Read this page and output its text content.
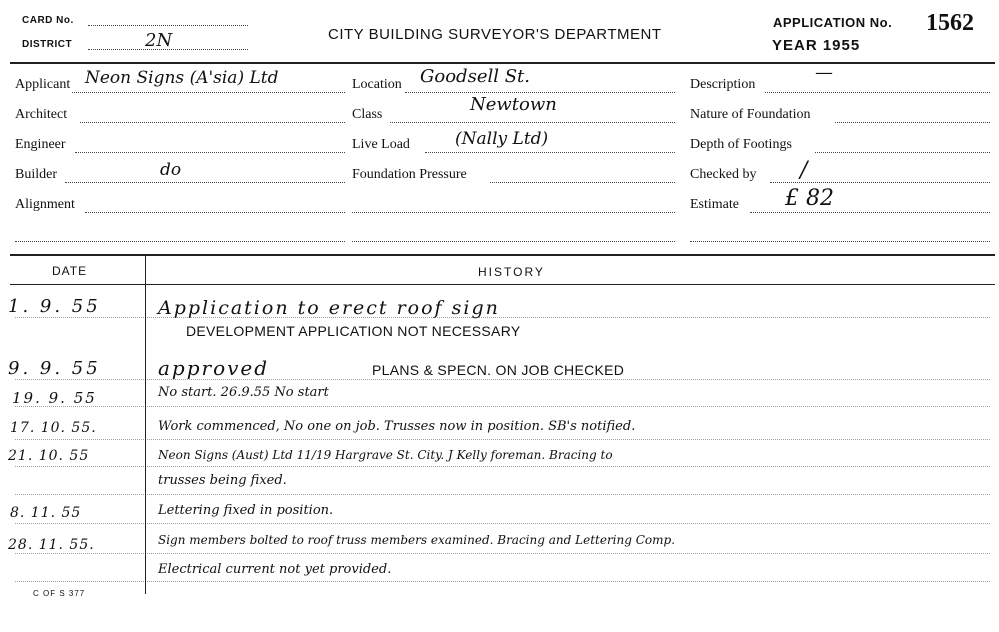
CARD No.
DISTRICT	2N	CITY BUILDING SURVEYOR'S DEPARTMENT
APPLICATION No. 1562
YEAR 1955
Applicant Neon Signs (A'sia) Ltd
Architect
Engineer
Builder	do
Alignment
Location Goodsell St.
Class	Newtown
Live Load	(Nally Ltd)
Foundation Pressure
Description
—
Nature of Foundation
Depth of Footings
Checked by /
Estimate £ 82
DATE	HISTORY
1. 9. 55	Application to erect roof sign
DEVELOPMENT APPLICATION NOT NECESSARY
9. 9. 55	approved	PLANS & SPECN. ON JOB CHECKED
19. 9. 55	No start. 26.9.55 No start
17. 10. 55.	Work commenced, No one on job. Trusses now in position. SB's notified.
21. 10. 55	Neon Signs (Aust) Ltd 11/19 Hargrave St. City. J Kelly foreman. Bracing to
trusses being fixed.
8. 11. 55	Lettering fixed in position.
28. 11. 55.	Sign members bolted to roof truss members examined. Bracing and Lettering Comp.
Electrical current not yet provided.
C OF S 377
